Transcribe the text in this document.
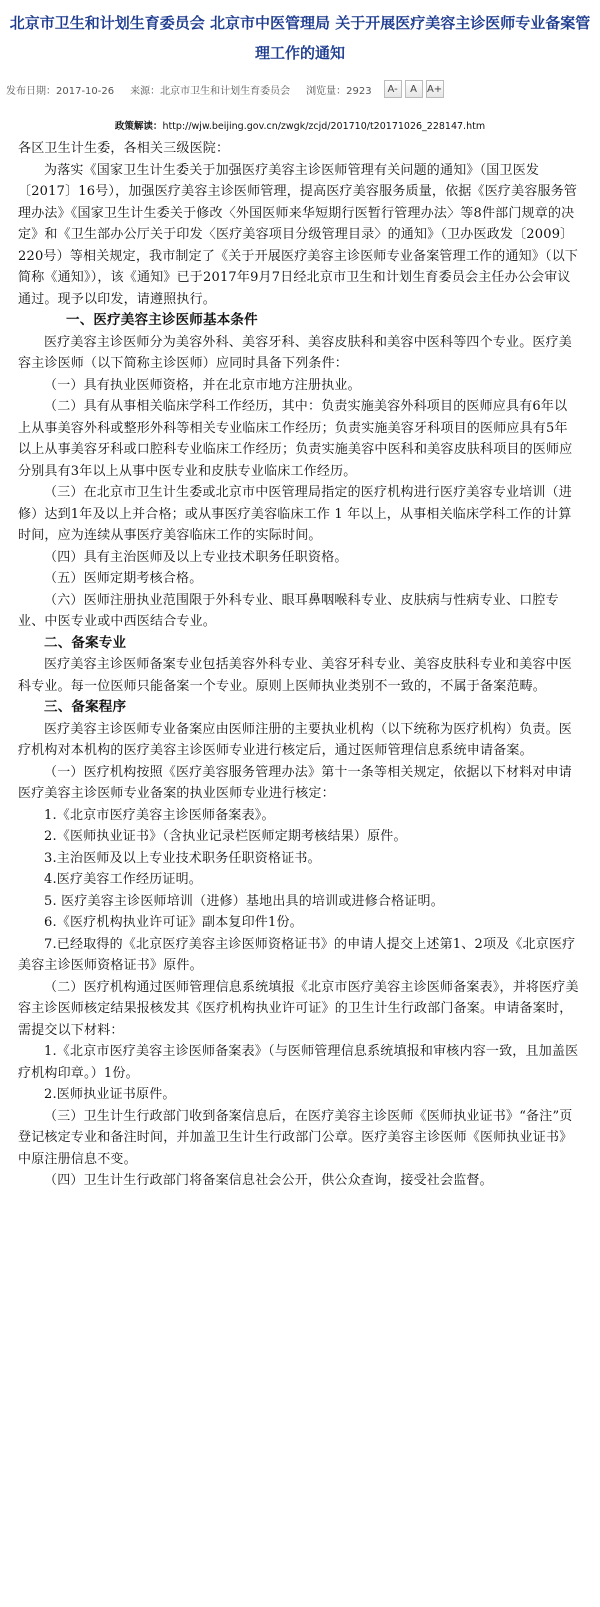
北京市卫生和计划生育委员会 北京市中医管理局 关于开展医疗美容主诊医师专业备案管理工作的通知
发布日期：2017-10-26 来源：北京市卫生和计划生育委员会 浏览量：2923	A-	A A+
政策解读：http://wjw.beijing.gov.cn/zwgk/zcjd/201710/t20171026_228147.htm

各区卫生计生委，各相关三级医院：

为落实《国家卫生计生委关于加强医疗美容主诊医师管理有关问题的通知》（国卫医发〔2017〕16号），加强医疗美容主诊医师管理，提高医疗美容服务质量，依据《医疗美容服务管理办法》《国家卫生计生委关于修改〈外国医师来华短期行医暂行管理办法〉等8件部门规章的决定》和《卫生部办公厅关于印发〈医疗美容项目分级管理目录〉的通知》（卫办医政发〔2009〕220号）等相关规定，我市制定了《关于开展医疗美容主诊医师专业备案管理工作的通知》（以下简称《通知》），该《通知》已于2017年9月7日经北京市卫生和计划生育委员会主任办公会审议通过。现予以印发，请遵照执行。

一、医疗美容主诊医师基本条件

医疗美容主诊医师分为美容外科、美容牙科、美容皮肤科和美容中医科等四个专业。医疗美容主诊医师（以下简称主诊医师）应同时具备下列条件：

（一）具有执业医师资格，并在北京市地方注册执业。

（二）具有从事相关临床学科工作经历，其中：负责实施美容外科项目的医师应具有6年以上从事美容外科或整形外科等相关专业临床工作经历；负责实施美容牙科项目的医师应具有5年以上从事美容牙科或口腔科专业临床工作经历；负责实施美容中医科和美容皮肤科项目的医师应分别具有3年以上从事中医专业和皮肤专业临床工作经历。

（三）在北京市卫生计生委或北京市中医管理局指定的医疗机构进行医疗美容专业培训（进修）达到1年及以上并合格；或从事医疗美容临床工作 1 年以上，从事相关临床学科工作的计算时间，应为连续从事医疗美容临床工作的实际时间。

（四）具有主治医师及以上专业技术职务任职资格。

（五）医师定期考核合格。

（六）医师注册执业范围限于外科专业、眼耳鼻咽喉科专业、皮肤病与性病专业、口腔专业、中医专业或中西医结合专业。

二、备案专业

医疗美容主诊医师备案专业包括美容外科专业、美容牙科专业、美容皮肤科专业和美容中医科专业。每一位医师只能备案一个专业。原则上医师执业类别不一致的，不属于备案范畴。

三、备案程序

医疗美容主诊医师专业备案应由医师注册的主要执业机构（以下统称为医疗机构）负责。医疗机构对本机构的医疗美容主诊医师专业进行核定后，通过医师管理信息系统申请备案。

（一）医疗机构按照《医疗美容服务管理办法》第十一条等相关规定，依据以下材料对申请医疗美容主诊医师专业备案的执业医师专业进行核定：

1.《北京市医疗美容主诊医师备案表》。

2.《医师执业证书》（含执业记录栏医师定期考核结果）原件。

3.主治医师及以上专业技术职务任职资格证书。

4.医疗美容工作经历证明。

5. 医疗美容主诊医师培训（进修）基地出具的培训或进修合格证明。

6.《医疗机构执业许可证》副本复印件1份。

7.已经取得的《北京医疗美容主诊医师资格证书》的申请人提交上述第1、2项及《北京医疗美容主诊医师资格证书》原件。

（二）医疗机构通过医师管理信息系统填报《北京市医疗美容主诊医师备案表》，并将医疗美容主诊医师核定结果报核发其《医疗机构执业许可证》的卫生计生行政部门备案。申请备案时，需提交以下材料：

1.《北京市医疗美容主诊医师备案表》（与医师管理信息系统填报和审核内容一致，且加盖医疗机构印章。）1份。

2.医师执业证书原件。

（三）卫生计生行政部门收到备案信息后，在医疗美容主诊医师《医师执业证书》“备注”页登记核定专业和备注时间，并加盖卫生计生行政部门公章。医疗美容主诊医师《医师执业证书》中原注册信息不变。

（四）卫生计生行政部门将备案信息社会公开，供公众查询，接受社会监督。
